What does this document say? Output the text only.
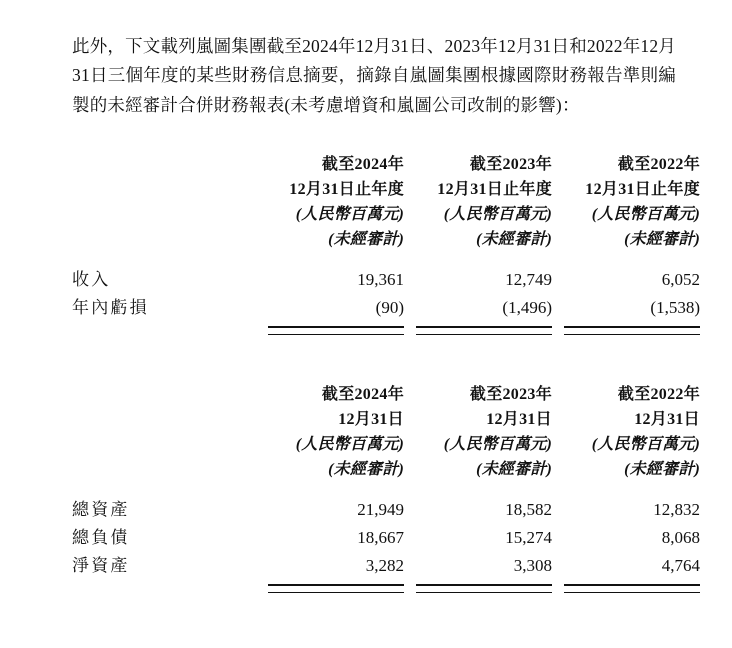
此外，下文載列嵐圖集團截至2024年12月31日、2023年12月31日和2022年12月31日三個年度的某些財務信息摘要，摘錄自嵐圖集團根據國際財務報告準則編製的未經審計合併財務報表(未考慮增資和嵐圖公司改制的影響)：

	截至2024年
12月31日止年度
(人民幣百萬元)
(未經審計)		截至2023年
12月31日止年度
(人民幣百萬元)
(未經審計)		截至2022年
12月31日止年度
(人民幣百萬元)
(未經審計)

收入	19,361		12,749		6,052
年內虧損	(90)		(1,496)		(1,538)

	截至2024年
12月31日
(人民幣百萬元)
(未經審計)		截至2023年
12月31日
(人民幣百萬元)
(未經審計)		截至2022年
12月31日
(人民幣百萬元)
(未經審計)

總資產	21,949		18,582		12,832
總負債	18,667		15,274		8,068
淨資產	3,282		3,308		4,764
